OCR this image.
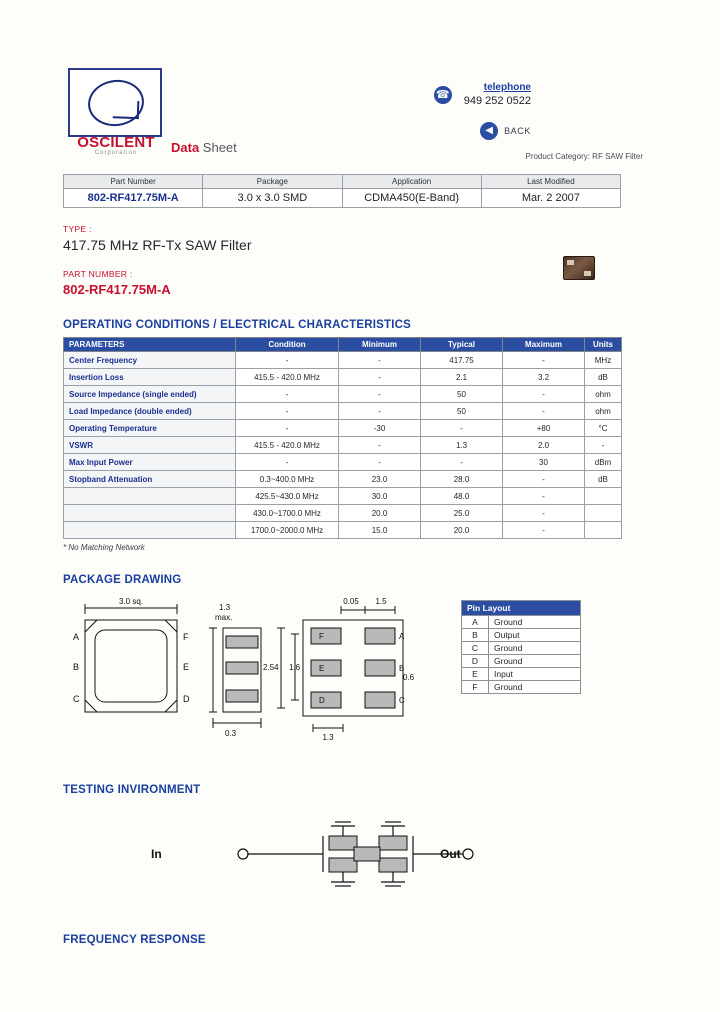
OSCILENT
Corporation	Data Sheet
☎
telephone
949 252 0522
◀	BACK
Product Category: RF SAW Filter
Part Number	Package	Application	Last Modified
802-RF417.75M-A	3.0 x 3.0 SMD	CDMA450(E-Band)	Mar. 2 2007
TYPE :
417.75 MHz RF-Tx SAW Filter
PART NUMBER :
802-RF417.75M-A
OPERATING CONDITIONS / ELECTRICAL CHARACTERISTICS
PARAMETERS	Condition	Minimum	Typical	Maximum	Units
Center Frequency	-	-	417.75	-	MHz
Insertion Loss	415.5 - 420.0 MHz	-	2.1	3.2	dB
Source Impedance (single ended)	-	-	50	-	ohm
Load Impedance (double ended)	-	-	50	-	ohm
Operating Temperature	-	-30	-	+80	°C
VSWR	415.5 - 420.0 MHz	-	1.3	2.0	-
Max Input Power	-	-	-	30	dBm
Stopband Attenuation	0.3~400.0 MHz	23.0	28.0	-	dB
	425.5~430.0 MHz	30.0	48.0	-	
	430.0~1700.0 MHz	20.0	25.0	-	
	1700.0~2000.0 MHz	15.0	20.0	-	
* No Matching Network
PACKAGE DRAWING
3.0 sq.
A
B
C
F
E
D
1.3
max.
0.3
F	A
E	B
D	C
0.05 1.5
2.54 1.6
0.6
1.3
Pin Layout	
A	Ground
B	Output
C	Ground
D	Ground
E	Input
F	Ground
TESTING INVIRONMENT
In	Out
FREQUENCY RESPONSE
